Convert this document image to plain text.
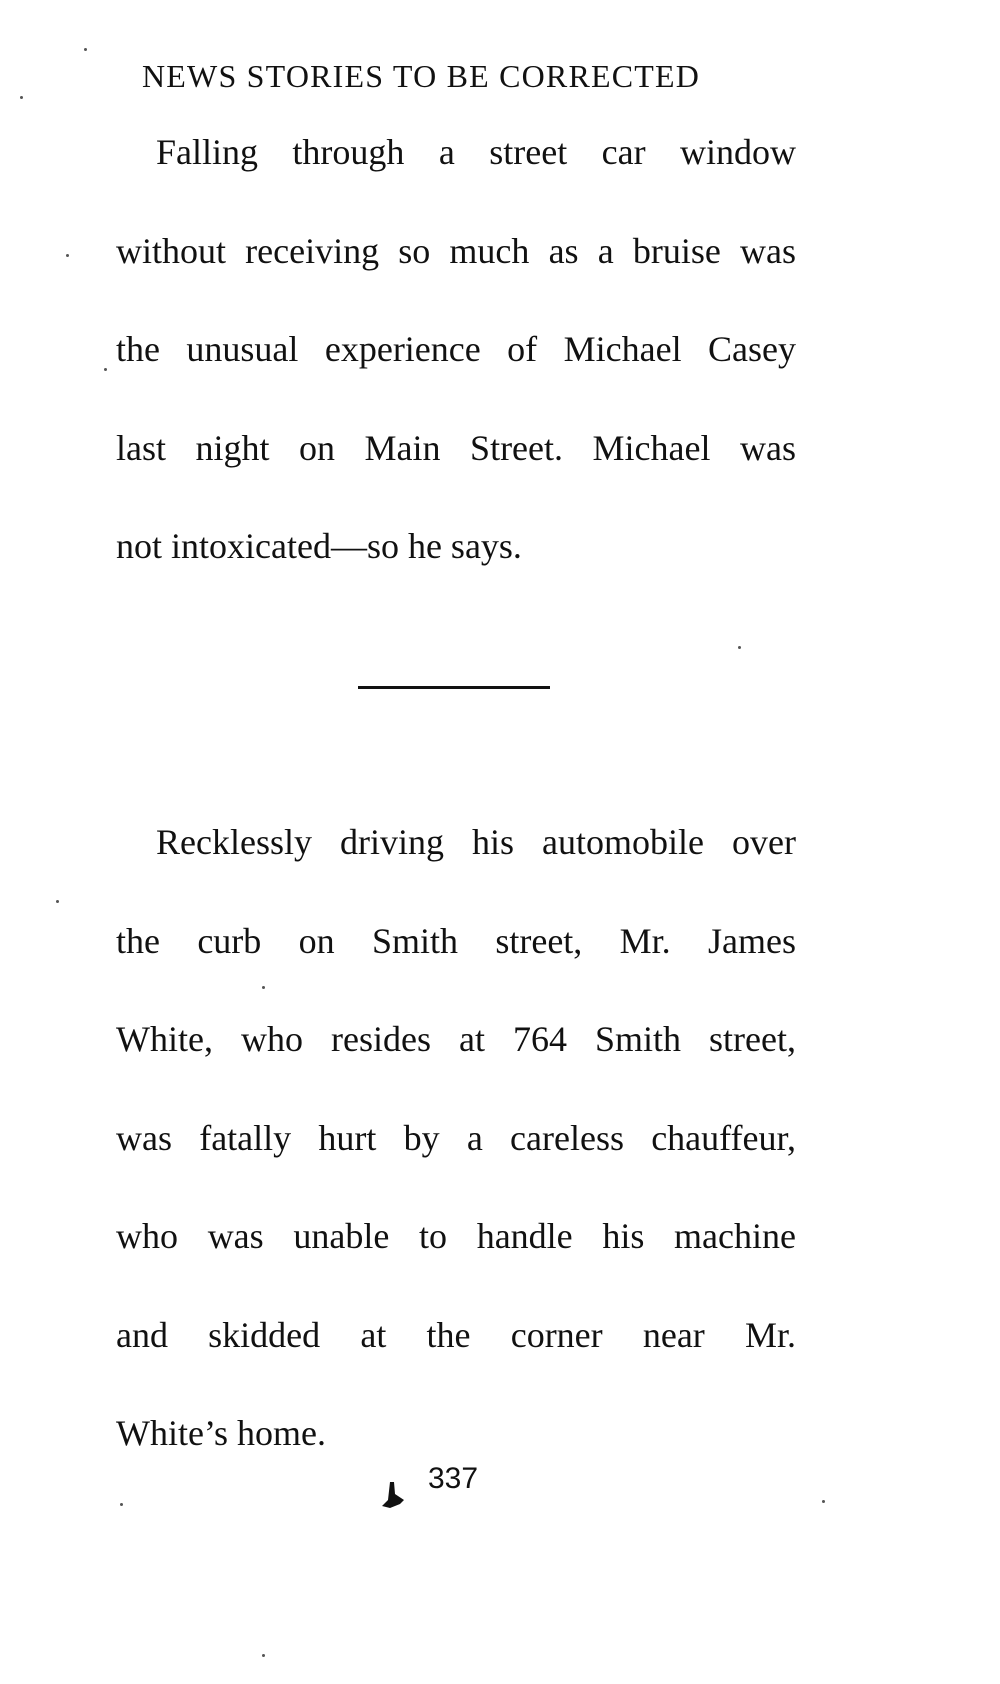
NEWS STORIES TO BE CORRECTED
Falling through a street car window
without receiving so much as a bruise was
the unusual experience of Michael Casey
last night on Main Street. Michael was
not intoxicated—so he says.
Recklessly driving his automobile over
the curb on Smith street, Mr. James
White, who resides at 764 Smith street,
was fatally hurt by a careless chauffeur,
who was unable to handle his machine
and skidded at the corner near Mr.
White’s home.
337
